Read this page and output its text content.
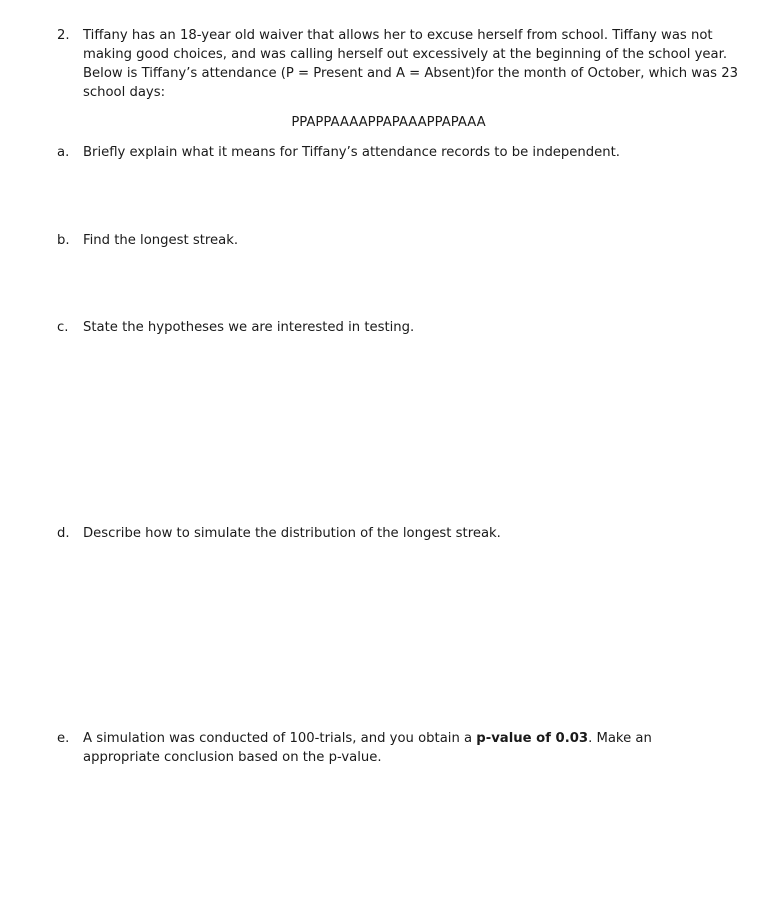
2. Tiffany has an 18-year old waiver that allows her to excuse herself from school. Tiffany was not making good choices, and was calling herself out excessively at the beginning of the school year. Below is Tiffany’s attendance (P = Present and A = Absent)for the month of October, which was 23 school days:
PPAPPAAAAPPAPAAAPPAPAAA
a. Briefly explain what it means for Tiffany’s attendance records to be independent.
b. Find the longest streak.
c. State the hypotheses we are interested in testing.
d. Describe how to simulate the distribution of the longest streak.
e. A simulation was conducted of 100-trials, and you obtain a p-value of 0.03. Make an appropriate conclusion based on the p-value.
